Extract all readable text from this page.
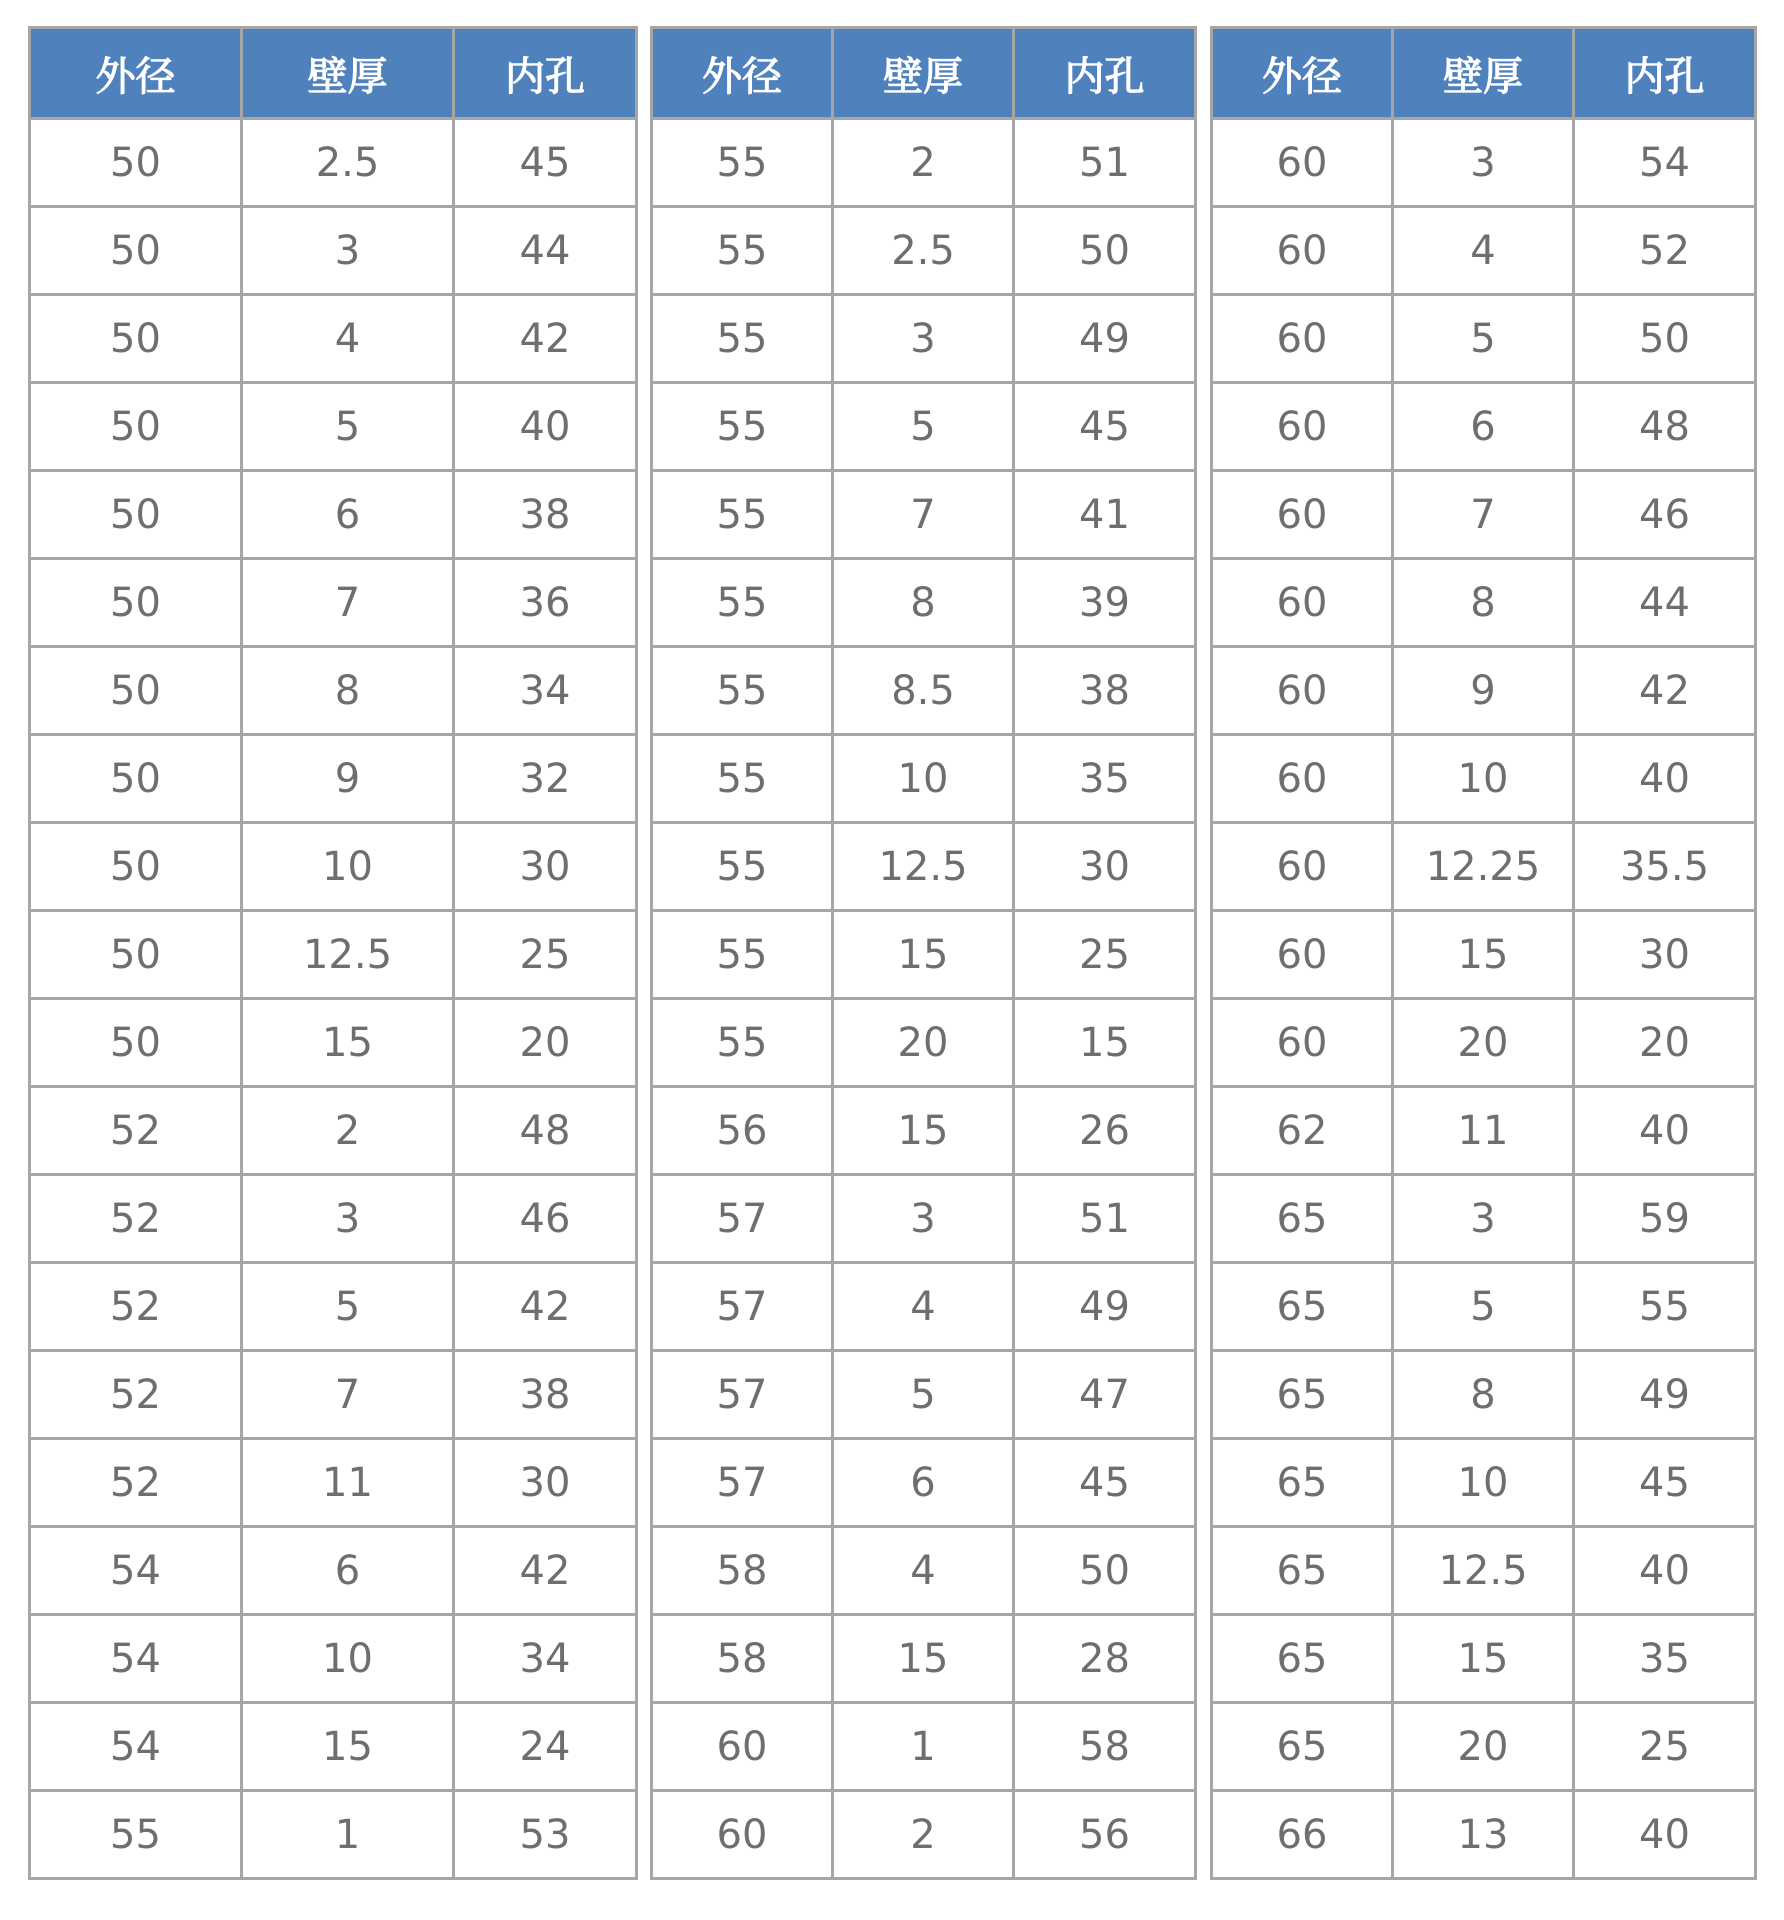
外径	壁厚	内孔
50	2.5	45
50	3	44
50	4	42
50	5	40
50	6	38
50	7	36
50	8	34
50	9	32
50	10	30
50	12.5	25
50	15	20
52	2	48
52	3	46
52	5	42
52	7	38
52	11	30
54	6	42
54	10	34
54	15	24
55	1	53
外径	壁厚	内孔
55	2	51
55	2.5	50
55	3	49
55	5	45
55	7	41
55	8	39
55	8.5	38
55	10	35
55	12.5	30
55	15	25
55	20	15
56	15	26
57	3	51
57	4	49
57	5	47
57	6	45
58	4	50
58	15	28
60	1	58
60	2	56
外径	壁厚	内孔
60	3	54
60	4	52
60	5	50
60	6	48
60	7	46
60	8	44
60	9	42
60	10	40
60	12.25	35.5
60	15	30
60	20	20
62	11	40
65	3	59
65	5	55
65	8	49
65	10	45
65	12.5	40
65	15	35
65	20	25
66	13	40
